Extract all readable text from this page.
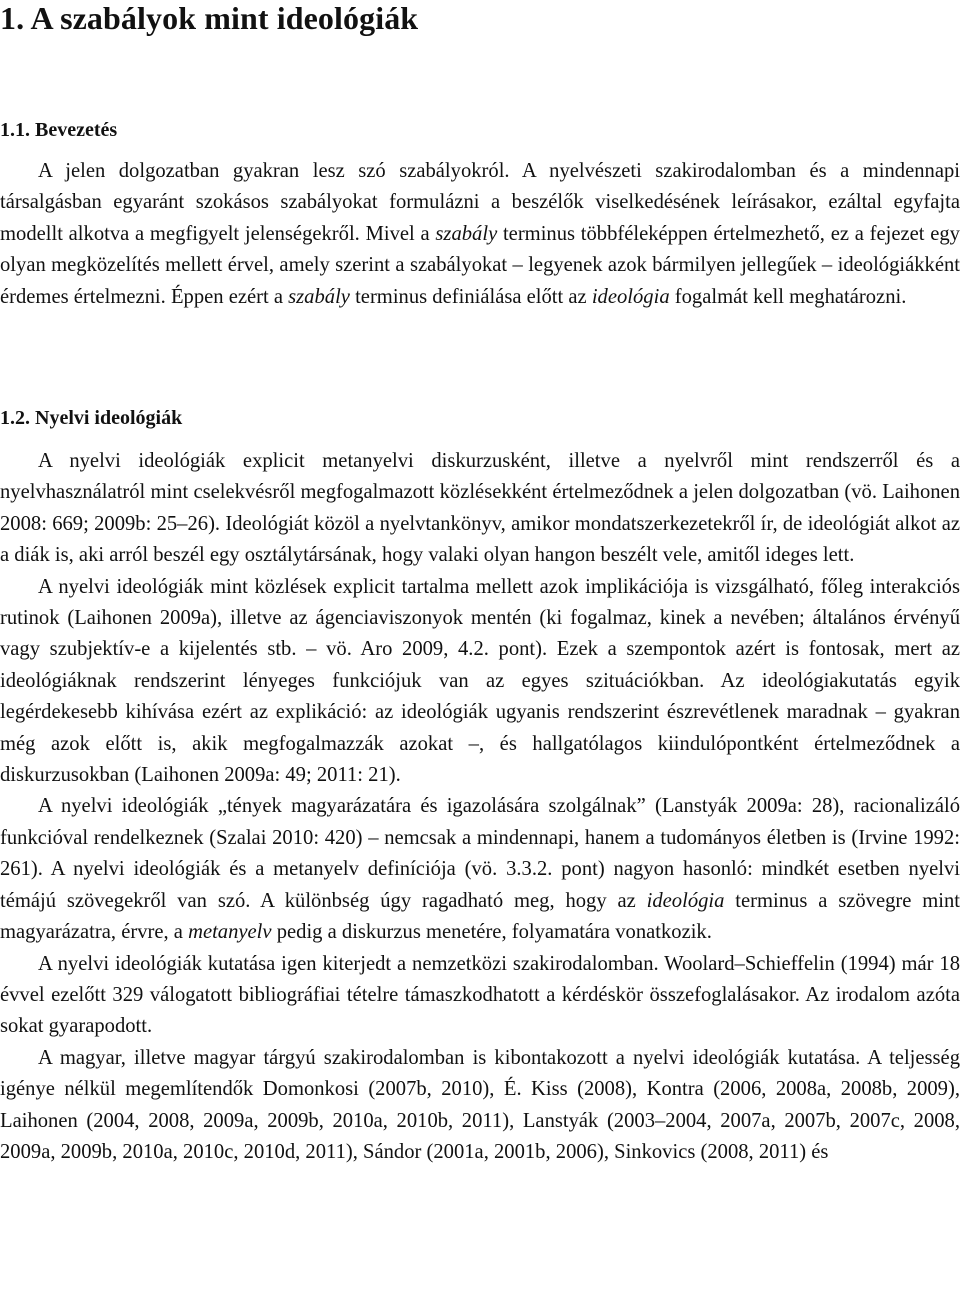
1. A szabályok mint ideológiák
1.1. Bevezetés

A jelen dolgozatban gyakran lesz szó szabályokról. A nyelvészeti szakirodalomban és a mindennapi társalgásban egyaránt szokásos szabályokat formulázni a beszélők viselkedésének leírásakor, ezáltal egyfajta modellt alkotva a megfigyelt jelenségekről. Mivel a szabály terminus többféleképpen értelmezhető, ez a fejezet egy olyan megközelítés mellett érvel, amely szerint a szabályokat – legyenek azok bármilyen jellegűek – ideológiákként érdemes értelmezni. Éppen ezért a szabály terminus definiálása előtt az ideológia fogalmát kell meghatározni.

1.2. Nyelvi ideológiák

A nyelvi ideológiák explicit metanyelvi diskurzusként, illetve a nyelvről mint rendszerről és a nyelvhasználatról mint cselekvésről megfogalmazott közlésekként értelmeződnek a jelen dolgozatban (vö. Laihonen 2008: 669; 2009b: 25–26). Ideológiát közöl a nyelvtankönyv, amikor mondatszerkezetekről ír, de ideológiát alkot az a diák is, aki arról beszél egy osztálytársának, hogy valaki olyan hangon beszélt vele, amitől ideges lett.

A nyelvi ideológiák mint közlések explicit tartalma mellett azok implikációja is vizsgálható, főleg interakciós rutinok (Laihonen 2009a), illetve az ágenciaviszonyok mentén (ki fogalmaz, kinek a nevében; általános érvényű vagy szubjektív-e a kijelentés stb. – vö. Aro 2009, 4.2. pont). Ezek a szempontok azért is fontosak, mert az ideológiáknak rendszerint lényeges funkciójuk van az egyes szituációkban. Az ideológiakutatás egyik legérdekesebb kihívása ezért az explikáció: az ideológiák ugyanis rendszerint észrevétlenek maradnak – gyakran még azok előtt is, akik megfogalmazzák azokat –, és hallgatólagos kiindulópontként értelmeződnek a diskurzusokban (Laihonen 2009a: 49; 2011: 21).

A nyelvi ideológiák „tények magyarázatára és igazolására szolgálnak” (Lanstyák 2009a: 28), racionalizáló funkcióval rendelkeznek (Szalai 2010: 420) – nemcsak a mindennapi, hanem a tudományos életben is (Irvine 1992: 261). A nyelvi ideológiák és a metanyelv definíciója (vö. 3.3.2. pont) nagyon hasonló: mindkét esetben nyelvi témájú szövegekről van szó. A különbség úgy ragadható meg, hogy az ideológia terminus a szövegre mint magyarázatra, érvre, a metanyelv pedig a diskurzus menetére, folyamatára vonatkozik.

A nyelvi ideológiák kutatása igen kiterjedt a nemzetközi szakirodalomban. Woolard–Schieffelin (1994) már 18 évvel ezelőtt 329 válogatott bibliográfiai tételre támaszkodhatott a kérdéskör összefoglalásakor. Az irodalom azóta sokat gyarapodott.

A magyar, illetve magyar tárgyú szakirodalomban is kibontakozott a nyelvi ideológiák kutatása. A teljesség igénye nélkül megemlítendők Domonkosi (2007b, 2010), É. Kiss (2008), Kontra (2006, 2008a, 2008b, 2009), Laihonen (2004, 2008, 2009a, 2009b, 2010a, 2010b, 2011), Lanstyák (2003–2004, 2007a, 2007b, 2007c, 2008, 2009a, 2009b, 2010a, 2010c, 2010d, 2011), Sándor (2001a, 2001b, 2006), Sinkovics (2008, 2011) és
